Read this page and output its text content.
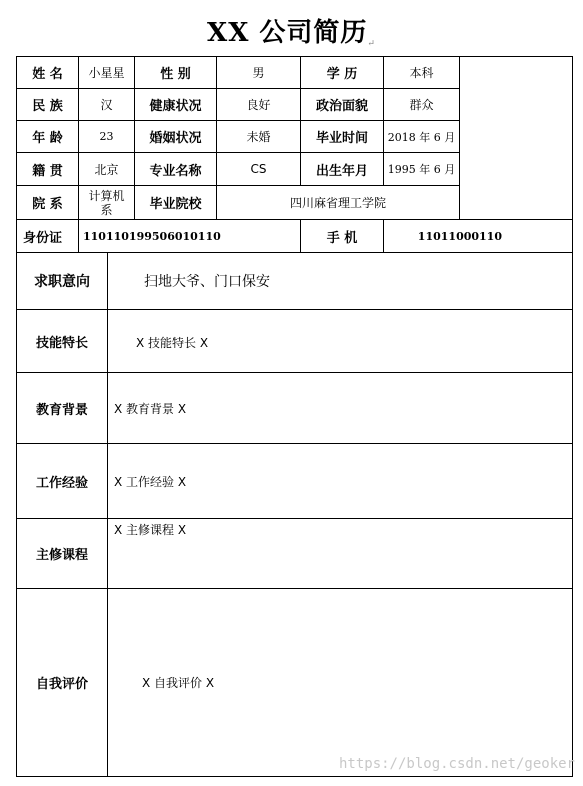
XX 公司简历↵
姓 名	小星星	性 别	男	学 历	本科	
民 族	汉	健康状况	良好	政治面貌	群众	
年 龄	23	婚姻状况	未婚	毕业时间	2018 年 6 月	
籍 贯	北京	专业名称	CS	出生年月	1995 年 6 月	
院 系	计算机系	毕业院校	四川麻省理工学院			
身份证	110110199506010110			手 机	11011000110	
求职意向	扫地大爷、门口保安
技能特长	X 技能特长 X
教育背景	X 教育背景 X
工作经验	X 工作经验 X
主修课程	X 主修课程 X
自我评价	X 自我评价 X
https://blog.csdn.net/geoker
